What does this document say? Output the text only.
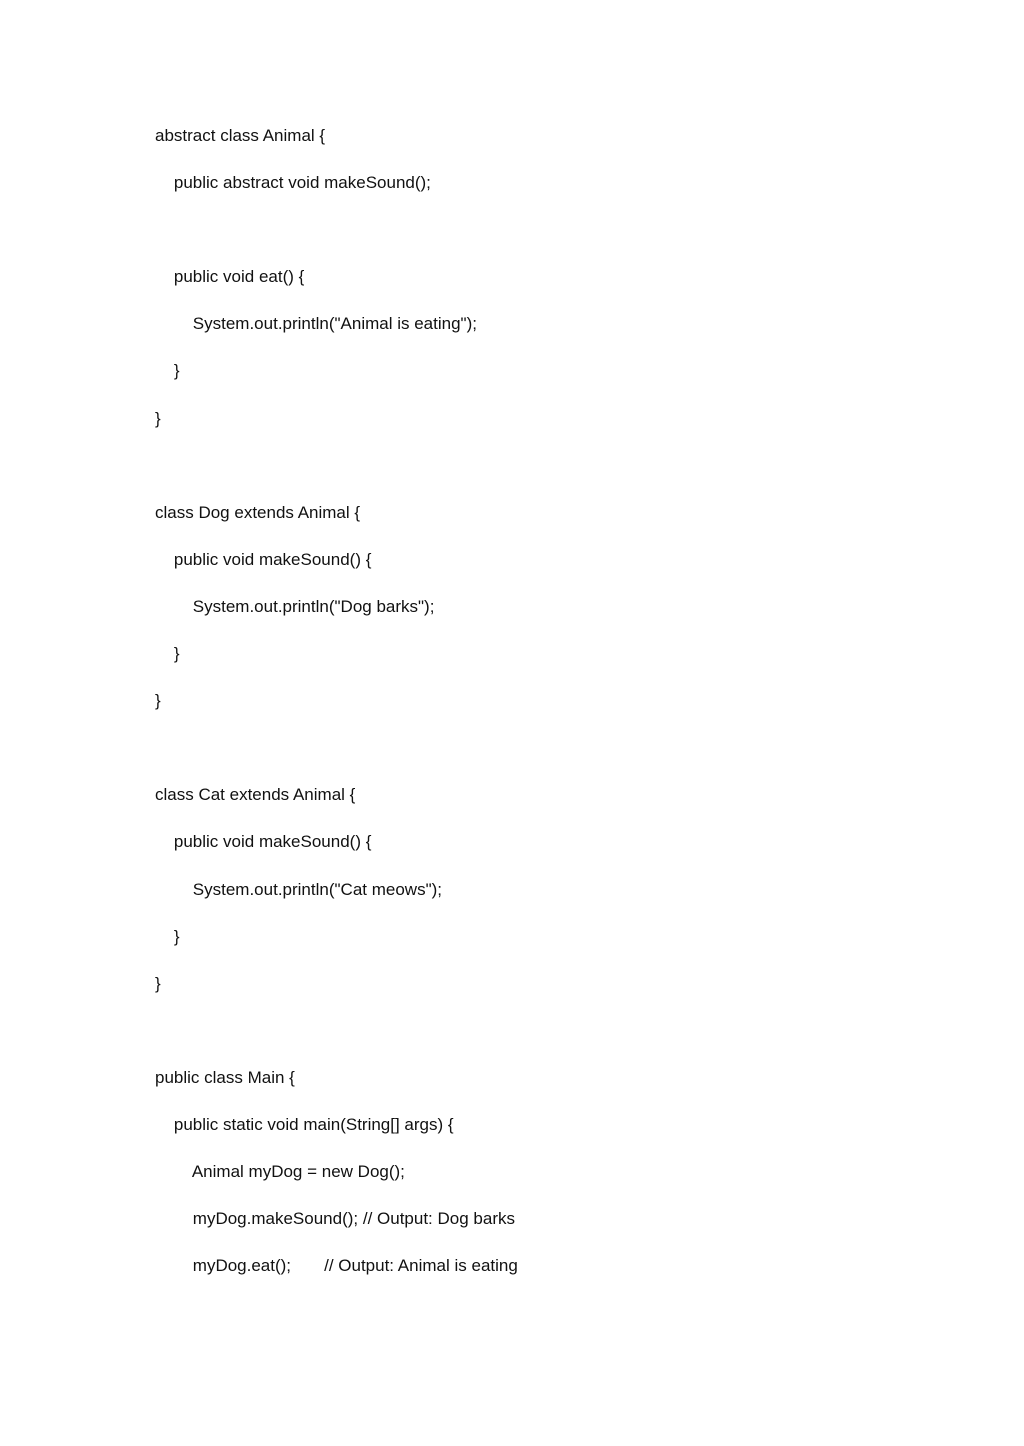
abstract class Animal {
public abstract void makeSound();
public void eat() {
System.out.println("Animal is eating");
}
}
class Dog extends Animal {
public void makeSound() {
System.out.println("Dog barks");
}
}
class Cat extends Animal {
public void makeSound() {
System.out.println("Cat meows");
}
}
public class Main {
public static void main(String[] args) {
Animal myDog = new Dog();
myDog.makeSound(); // Output: Dog barks
myDog.eat();       // Output: Animal is eating
